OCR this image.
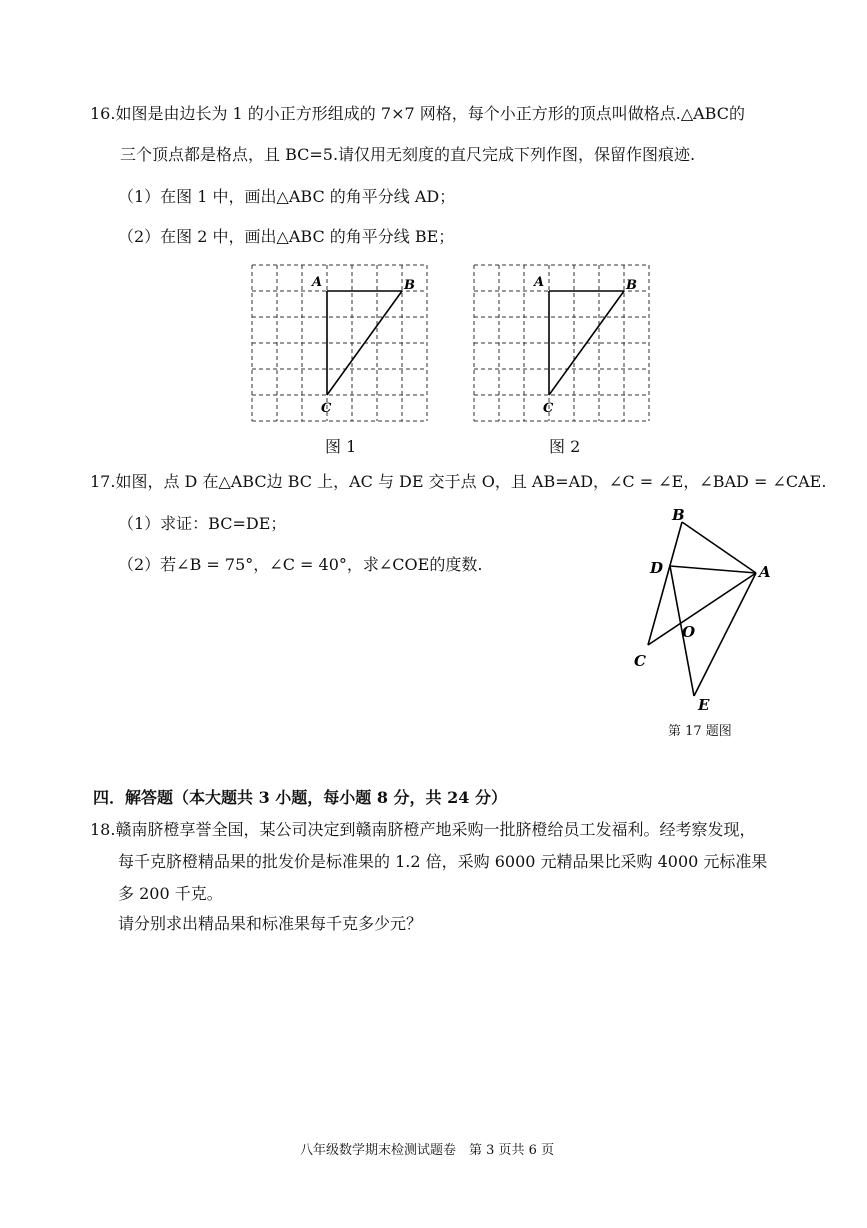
16.如图是由边长为 1 的小正方形组成的 7×7 网格，每个小正方形的顶点叫做格点.△ABC的
三个顶点都是格点，且 BC=5.请仅用无刻度的直尺完成下列作图，保留作图痕迹.
（1）在图 1 中，画出△ABC 的角平分线 AD；
（2）在图 2 中，画出△ABC 的角平分线 BE；
A	B
C
图 1
A	B
C
图 2
17.如图，点 D 在△ABC边 BC 上，AC 与 DE 交于点 O，且 AB=AD，∠C = ∠E，∠BAD = ∠CAE.
（1）求证：BC=DE；
（2）若∠B = 75°，∠C = 40°，求∠COE的度数.
B
D	A
O
C
E
第 17 题图
四．解答题（本大题共 3 小题，每小题 8 分，共 24 分）
18.赣南脐橙享誉全国，某公司决定到赣南脐橙产地采购一批脐橙给员工发福利。经考察发现，
每千克脐橙精品果的批发价是标准果的 1.2 倍，采购 6000 元精品果比采购 4000 元标准果
多 200 千克。
请分别求出精品果和标准果每千克多少元？
八年级数学期末检测试题卷　第 3 页共 6 页
